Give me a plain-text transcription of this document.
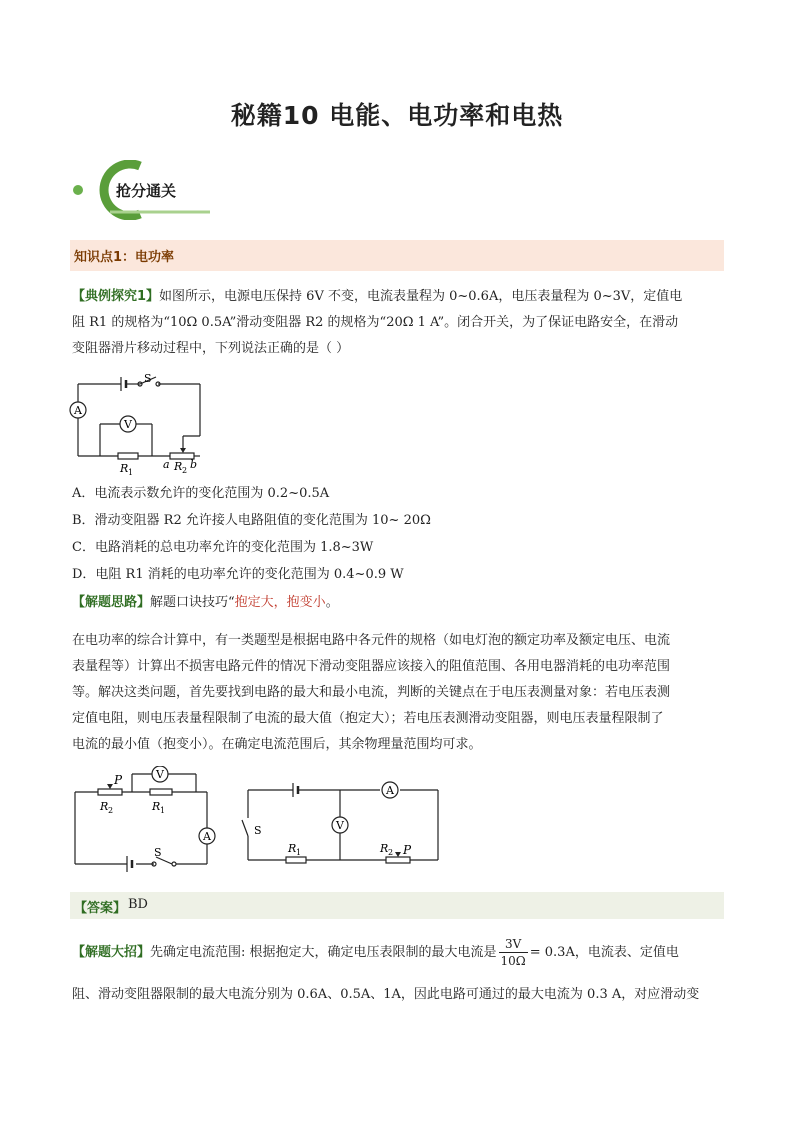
秘籍10 电能、电功率和电热
抢分通关
知识点1：电功率
【典例探究1】如图所示，电源电压保持 6V 不变，电流表量程为 0~0.6A，电压表量程为 0~3V，定值电
阻 R1 的规格为“10Ω 0.5A”滑动变阻器 R2 的规格为“20Ω 1 A”。闭合开关，为了保证电路安全，在滑动
变阻器滑片移动过程中，下列说法正确的是（ ）
A
V
S
R 1
a R 2 b
A．电流表示数允许的变化范围为 0.2~0.5A
B．滑动变阻器 R2 允许接人电路阻值的变化范围为 10~ 20Ω
C．电路消耗的总电功率允许的变化范围为 1.8~3W
D．电阻 R1 消耗的电功率允许的变化范围为 0.4~0.9 W
【解题思路】解题口诀技巧“抱定大，抱变小。
在电功率的综合计算中，有一类题型是根据电路中各元件的规格（如电灯泡的额定功率及额定电压、电流
表量程等）计算出不损害电路元件的情况下滑动变阻器应该接入的阻值范围、各用电器消耗的电功率范围
等。解决这类问题，首先要找到电路的最大和最小电流，判断的关键点在于电压表测量对象：若电压表测
定值电阻，则电压表量程限制了电流的最大值（抱定大）；若电压表测滑动变阻器，则电压表量程限制了
电流的最小值（抱变小）。在确定电流范围后，其余物理量范围均可求。
V
A
P
R 2	R 1
S
A
V
S
R 1	R 2 P
【答案】 BD
【解题大招】先确定电流范围: 根据抱定大，确定电压表限制的最大电流是 $\frac{3V}{10\Omega} = 0.3A$，电流表、定值电
阻、滑动变阻器限制的最大电流分别为 0.6A、0.5A、1A，因此电路可通过的最大电流为 0.3 A，对应滑动变
